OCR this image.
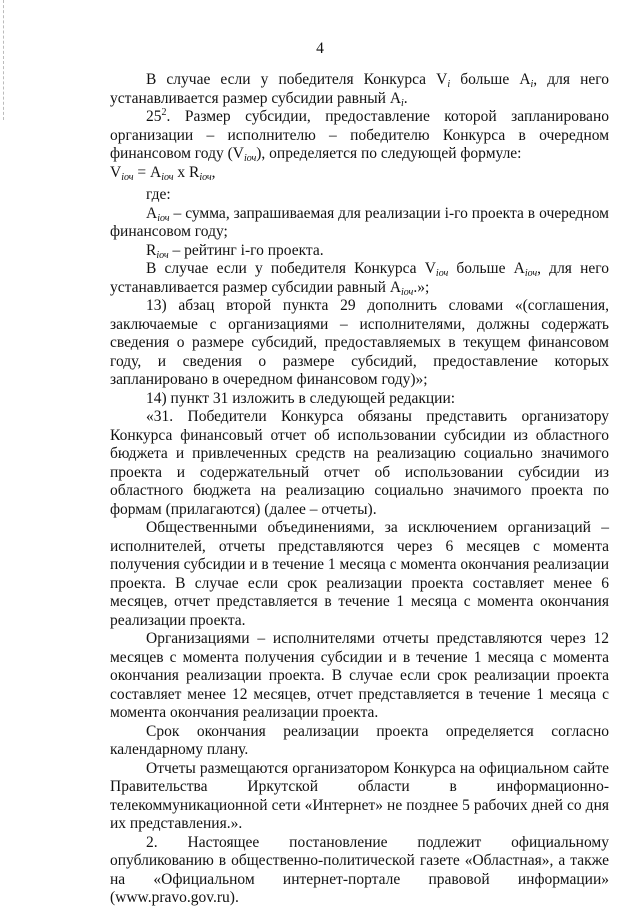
4

В случае если у победителя Конкурса $V_i$ больше $A_i$, для него устанавливается размер субсидии равный $A_i$.

$25^2$. Размер субсидии, предоставление которой запланировано организации – исполнителю – победителю Конкурса в очередном финансовом году $(V_{iоч})$, определяется по следующей формуле:

$V_{iоч} = A_{iоч}$ x $R_{iоч}$,

где:

$A_{iоч}$ – сумма, запрашиваемая для реализации i-го проекта в очередном финансовом году;

$R_{iоч}$ – рейтинг i-го проекта.

В случае если у победителя Конкурса $V_{iоч}$ больше $A_{iоч}$, для него устанавливается размер субсидии равный $A_{iоч}$.»;

13) абзац второй пункта 29 дополнить словами «(соглашения, заключаемые с организациями – исполнителями, должны содержать сведения о размере субсидий, предоставляемых в текущем финансовом году, и сведения о размере субсидий, предоставление которых запланировано в очередном финансовом году)»;

14) пункт 31 изложить в следующей редакции:

«31. Победители Конкурса обязаны представить организатору Конкурса финансовый отчет об использовании субсидии из областного бюджета и привлеченных средств на реализацию социально значимого проекта и содержательный отчет об использовании субсидии из областного бюджета на реализацию социально значимого проекта по формам (прилагаются) (далее – отчеты).

Общественными объединениями, за исключением организаций – исполнителей, отчеты представляются через 6 месяцев с момента получения субсидии и в течение 1 месяца с момента окончания реализации проекта. В случае если срок реализации проекта составляет менее 6 месяцев, отчет представляется в течение 1 месяца с момента окончания реализации проекта.

Организациями – исполнителями отчеты представляются через 12 месяцев с момента получения субсидии и в течение 1 месяца с момента окончания реализации проекта. В случае если срок реализации проекта составляет менее 12 месяцев, отчет представляется в течение 1 месяца с момента окончания реализации проекта.

Срок окончания реализации проекта определяется согласно календарному плану.

Отчеты размещаются организатором Конкурса на официальном сайте Правительства Иркутской области в информационно-телекоммуникационной сети «Интернет» не позднее 5 рабочих дней со дня их представления.».

2. Настоящее постановление подлежит официальному опубликованию в общественно-политической газете «Областная», а также на «Официальном интернет-портале правовой информации» (www.pravo.gov.ru).
